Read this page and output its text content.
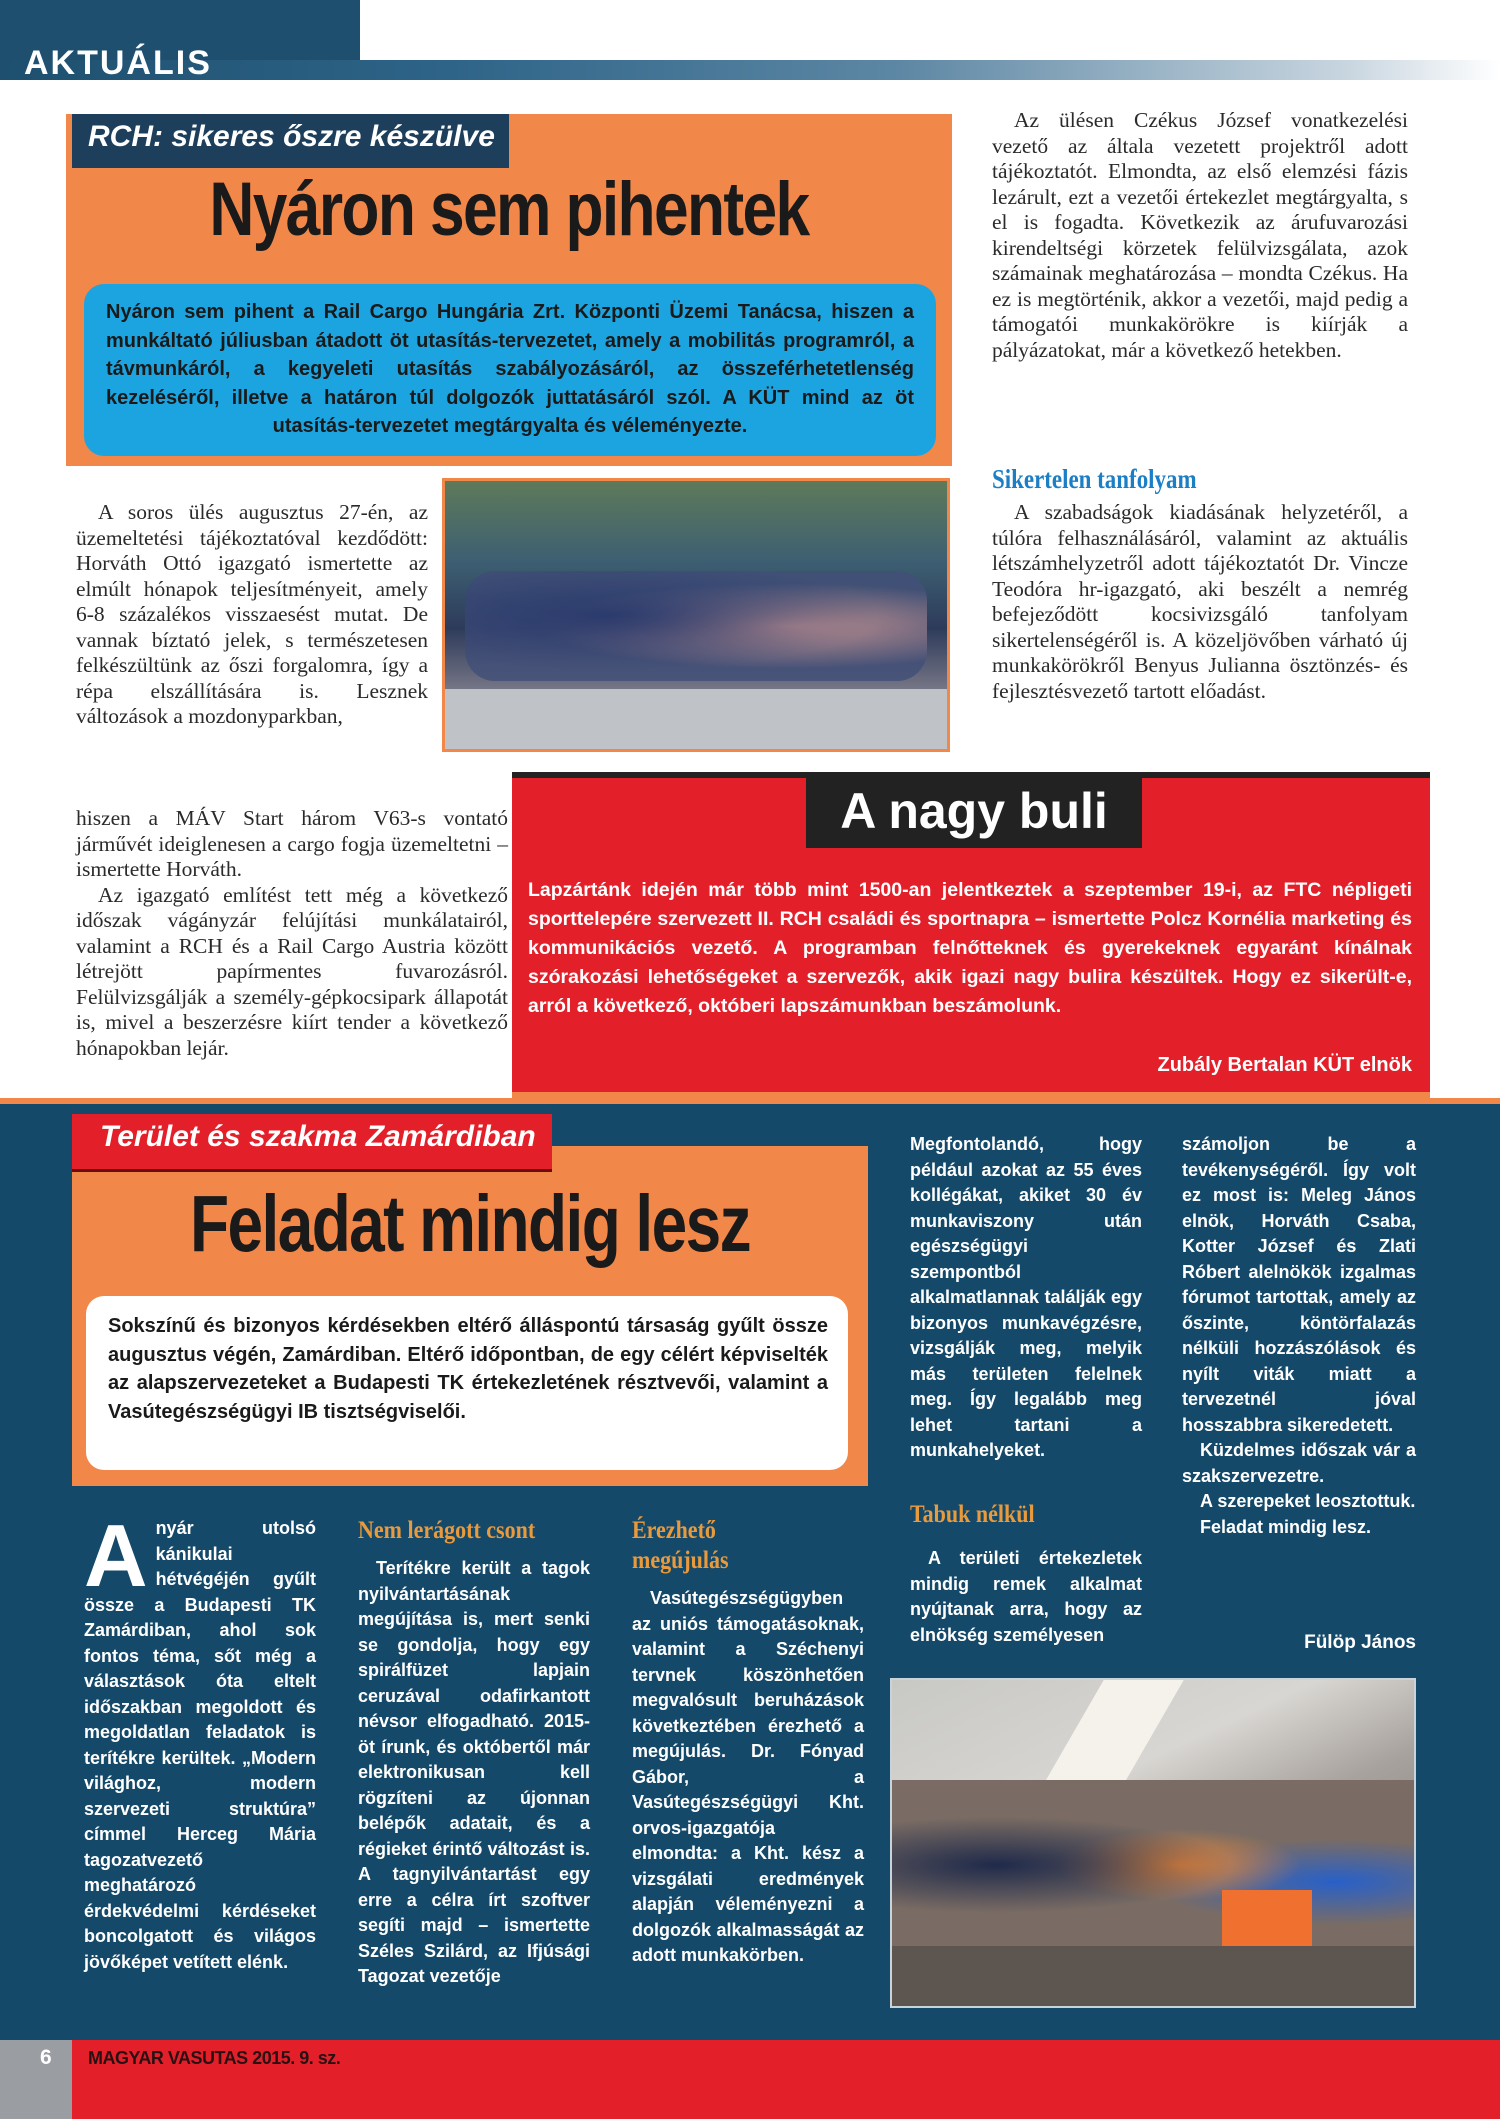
AKTUÁLIS
RCH: sikeres őszre készülve
Nyáron sem pihentek
Nyáron sem pihent a Rail Cargo Hungária Zrt. Központi Üzemi Tanácsa, hiszen a munkáltató júliusban átadott öt utasítás-tervezetet, amely a mobilitás programról, a távmunkáról, a kegyeleti utasítás szabályozásáról, az összeférhetetlenség kezeléséről, illetve a határon túl dolgozók juttatásáról szól. A KÜT mind az öt utasítás-tervezetet megtárgyalta és véleményezte.

A soros ülés augusztus 27-én, az üzemeltetési tájékoztatóval kezdődött: Horváth Ottó igazgató ismertette az elmúlt hónapok teljesítményeit, amely 6-8 százalékos visszaesést mutat. De vannak bíztató jelek, s természetesen felkészültünk az őszi forgalomra, így a répa elszállítására is. Lesznek változások a mozdonyparkban,

hiszen a MÁV Start három V63-s vontató járművét ideiglenesen a cargo fogja üzemeltetni – ismertette Horváth.

Az igazgató említést tett még a következő időszak vágányzár felújítási munkálatairól, valamint a RCH és a Rail Cargo Austria között létrejött papírmentes fuvarozásról. Felülvizsgálják a személy-gépkocsipark állapotát is, mivel a beszerzésre kiírt tender a következő hónapokban lejár.

Az ülésen Czékus József vonatkezelési vezető az általa vezetett projektről adott tájékoztatót. Elmondta, az első elemzési fázis lezárult, ezt a vezetői értekezlet megtárgyalta, s el is fogadta. Következik az árufuvarozási kirendeltségi körzetek felülvizsgálata, azok számainak meghatározása – mondta Czékus. Ha ez is megtörténik, akkor a vezetői, majd pedig a támogatói munkakörökre is kiírják a pályázatokat, már a következő hetekben.

Sikertelen tanfolyam

A szabadságok kiadásának helyzetéről, a túlóra felhasználásáról, valamint az aktuális létszámhelyzetről adott tájékoztatót Dr. Vincze Teodóra hr-igazgató, aki beszélt a nemrég befejeződött kocsivizsgáló tanfolyam sikertelenségéről is. A közeljövőben várható új munkakörökről Benyus Julianna ösztönzés- és fejlesztésvezető tartott előadást.

A nagy buli
Lapzártánk idején már több mint 1500-an jelentkeztek a szeptember 19-i, az FTC népligeti sporttelepére szervezett II. RCH családi és sportnapra – ismertette Polcz Kornélia marketing és kommunikációs vezető. A programban felnőtteknek és gyerekeknek egyaránt kínálnak szórakozási lehetőségeket a szervezők, akik igazi nagy bulira készültek. Hogy ez sikerült-e, arról a következő, októberi lapszámunkban beszámolunk.
Zubály Bertalan KÜT elnök
Terület és szakma Zamárdiban
Feladat mindig lesz
Sokszínű és bizonyos kérdésekben eltérő álláspontú társaság gyűlt össze augusztus végén, Zamárdiban. Eltérő időpontban, de egy célért képviselték az alapszervezeteket a Budapesti TK értekezletének résztvevői, valamint a Vasútegészségügyi IB tisztségviselői.
A nyár utolsó kánikulai hétvégéjén gyűlt össze a Budapesti TK Zamárdiban, ahol sok fontos téma, sőt még a választások óta eltelt időszakban megoldott és megoldatlan feladatok is terítékre kerültek. „Modern világhoz, modern szervezeti struktúra” címmel Herceg Mária tagozatvezető meghatározó érdekvédelmi kérdéseket boncolgatott és világos jövőképet vetített elénk.

Nem lerágott csont

Terítékre került a tagok nyilvántartásának megújítása is, mert senki se gondolja, hogy egy spirálfüzet lapjain ceruzával odafirkantott névsor elfogadható. 2015-öt írunk, és októbertől már elektronikusan kell rögzíteni az újonnan belépők adatait, és a régieket érintő változást is. A tagnyilvántartást egy erre a célra írt szoftver segíti majd – ismertette Széles Szilárd, az Ifjúsági Tagozat vezetője

Érezhető megújulás

Vasútegészségügyben az uniós támogatásoknak, valamint a Széchenyi tervnek köszönhetően megvalósult beruházások következtében érezhető a megújulás. Dr. Fónyad Gábor, a Vasútegészségügyi Kht. orvos-igazgatója elmondta: a Kht. kész a vizsgálati eredmények alapján véleményezni a dolgozók alkalmasságát az adott munkakörben.

Megfontolandó, hogy például azokat az 55 éves kollégákat, akiket 30 év munkaviszony után egészségügyi szempontból alkalmatlannak találják egy bizonyos munkavégzésre, vizsgálják meg, melyik más területen felelnek meg. Így legalább meg lehet tartani a munkahelyeket.

Tabuk nélkül

A területi értekezletek mindig remek alkalmat nyújtanak arra, hogy az elnökség személyesen

számoljon be a tevékenységéről. Így volt ez most is: Meleg János elnök, Horváth Csaba, Kotter József és Zlati Róbert alelnökök izgalmas fórumot tartottak, amely az őszinte, köntörfalazás nélküli hozzászólások és nyílt viták miatt a tervezetnél jóval hosszabbra sikeredetett.

Küzdelmes időszak vár a szakszervezetre.

A szerepeket leosztottuk.

Feladat mindig lesz.

Fülöp János
6 MAGYAR VASUTAS 2015. 9. sz.
